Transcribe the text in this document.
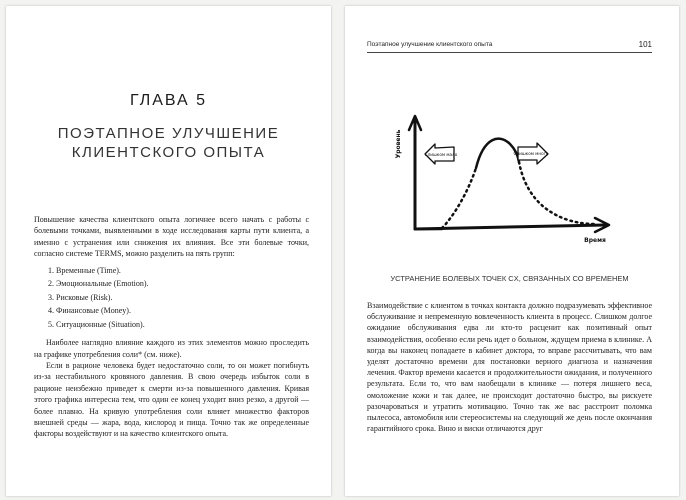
ГЛАВА 5
ПОЭТАПНОЕ УЛУЧШЕНИЕ
КЛИЕНТСКОГО ОПЫТА

Повышение качества клиентского опыта логичнее всего начать с работы с болевыми точками, выявленными в ходе исследования карты пути клиента, а именно с устранения или снижения их влияния. Все эти болевые точки, согласно системе TERMS, можно разделить на пять групп:

1. Временные (Time).
2. Эмоциональные (Emotion).
3. Рисковые (Risk).
4. Финансовые (Money).
5. Ситуационные (Situation).

Наиболее наглядно влияние каждого из этих элементов можно проследить на графике употребления соли* (см. ниже).

Если в рационе человека будет недостаточно соли, то он может погибнуть из-за нестабильного кровяного давления. В свою очередь избыток соли в рационе неизбежно приведет к смерти из-за повышенного давления. Кривая этого графика интересна тем, что один ее конец уходит вниз резко, а другой — более плавно. На кривую употребления соли влияет множество факторов внешней среды — жара, вода, кислород и пища. Точно так же определенные факторы воздействуют и на качество клиентского опыта.

Поэтапное улучшение клиентского опыта	101
Слишком мало	Слишком много
Уровень
Время
УСТРАНЕНИЕ БОЛЕВЫХ ТОЧЕК CX, СВЯЗАННЫХ СО ВРЕМЕНЕМ

Взаимодействие с клиентом в точках контакта должно подразумевать эффективное обслуживание и непременную вовлеченность клиента в процесс. Слишком долгое ожидание обслуживания едва ли кто-то расценит как позитивный опыт взаимодействия, особенно если речь идет о больном, ждущем приема в клинике. А когда вы наконец попадаете в кабинет доктора, то вправе рассчитывать, что вам уделят достаточно времени для постановки верного диагноза и назначения лечения. Фактор времени касается и продолжительности ожидания, и полученного результата. Если то, что вам наобещали в клинике — потеря лишнего веса, омоложение кожи и так далее, не происходит достаточно быстро, вы рискуете разочароваться и утратить мотивацию. Точно так же вас расстроит поломка пылесоса, автомобиля или стереосистемы на следующий же день после окончания гарантийного срока. Вино и виски отличаются друг
